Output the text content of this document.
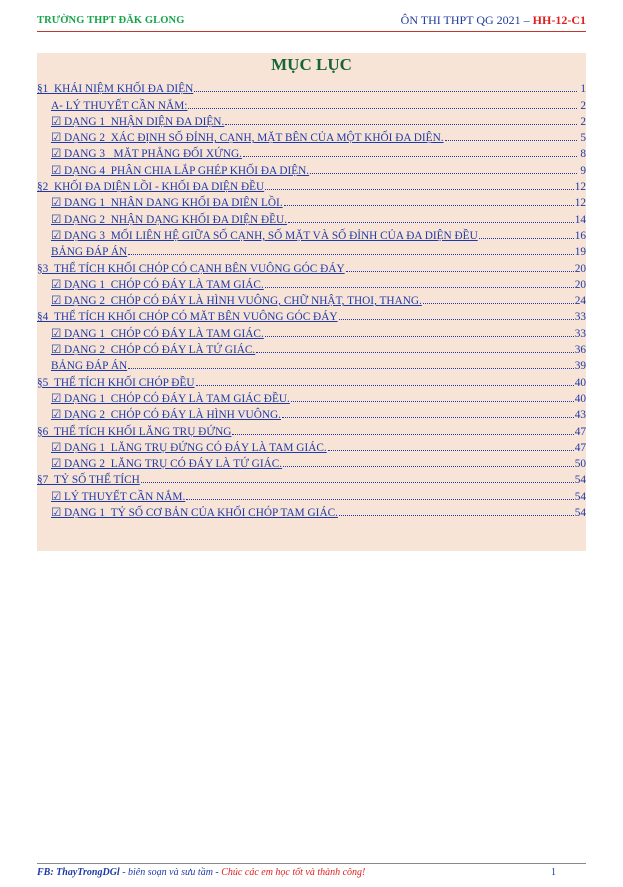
TRƯỜNG THPT ĐĂK GLONG	ÔN THI THPT QG 2021 – HH-12-C1
MỤC LỤC
§1_KHÁI NIỆM KHỐI ĐA DIỆN	1
A- LÝ THUYẾT CẦN NẮM:	2
☑ DẠNG 1_NHẬN DIỆN ĐA DIỆN.	2
☑ DẠNG 2_XÁC ĐỊNH SỐ ĐỈNH, CẠNH, MẶT BÊN CỦA MỘT KHỐI ĐA DIỆN.	5
☑ DẠNG 3_ MẶT PHẲNG ĐỐI XỨNG.	8
☑ DẠNG 4_PHÂN CHIA LẮP GHÉP KHỐI ĐA DIỆN.	9
§2_KHỐI ĐA DIỆN LỒI - KHỐI ĐA DIỆN ĐỀU	12
☑ DẠNG 1_NHẬN DẠNG KHỐI ĐA DIỆN LỒI.	12
☑ DẠNG 2_NHẬN DẠNG KHỐI ĐA DIỆN ĐỀU.	14
☑ DẠNG 3_MỐI LIÊN HỆ GIỮA SỐ CẠNH, SỐ MẶT VÀ SỐ ĐỈNH CỦA ĐA DIỆN ĐỀU	16
BẢNG ĐÁP ÁN	19
§3_THỂ TÍCH KHỐI CHÓP CÓ CẠNH BÊN VUÔNG GÓC ĐÁY	20
☑ DẠNG 1_CHÓP CÓ ĐÁY LÀ TAM GIÁC.	20
☑ DẠNG 2_CHÓP CÓ ĐÁY LÀ HÌNH VUÔNG, CHỮ NHẬT, THOI, THANG.	24
§4_THỂ TÍCH KHỐI CHÓP CÓ MẶT BÊN VUÔNG GÓC ĐÁY	33
☑ DẠNG 1_CHÓP CÓ ĐÁY LÀ TAM GIÁC.	33
☑ DẠNG 2_CHÓP CÓ ĐÁY LÀ TỨ GIÁC.	36
BẢNG ĐÁP ÁN	39
§5_THỂ TÍCH KHỐI CHÓP ĐỀU	40
☑ DẠNG 1_CHÓP CÓ ĐÁY LÀ TAM GIÁC ĐỀU.	40
☑ DẠNG 2_CHÓP CÓ ĐÁY LÀ HÌNH VUÔNG.	43
§6_THỂ TÍCH KHỐI LĂNG TRỤ ĐỨNG	47
☑ DẠNG 1_LĂNG TRỤ ĐỨNG CÓ ĐÁY LÀ TAM GIÁC.	47
☑ DẠNG 2_LĂNG TRỤ CÓ ĐÁY LÀ TỨ GIÁC.	50
§7_TỶ SỐ THỂ TÍCH	54
☑ LÝ THUYẾT CẦN NẮM.	54
☑ DẠNG 1_TỶ SỐ CƠ BẢN CỦA KHỐI CHÓP TAM GIÁC.	54
FB: ThayTrongDGl - biên soạn và sưu tầm - Chúc các em học tốt và thành công!	1
